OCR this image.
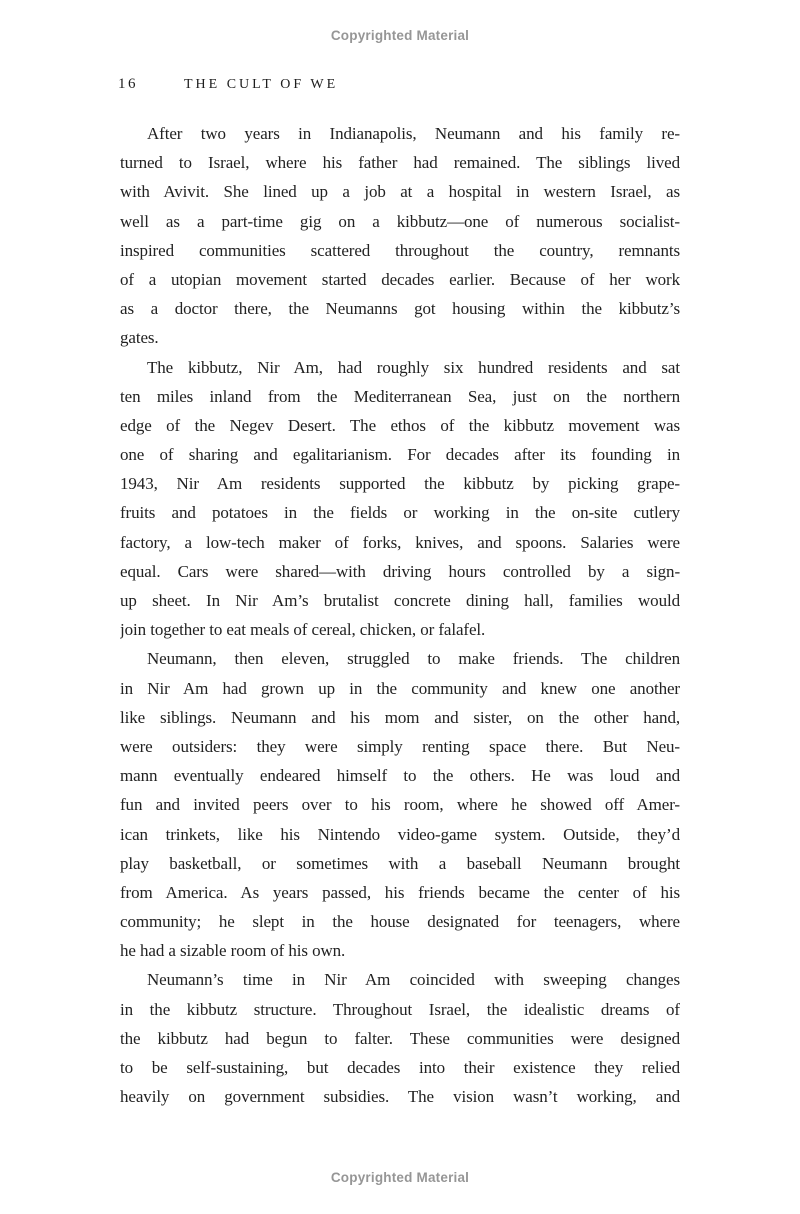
Copyrighted Material
16	THE CULT OF WE
After two years in Indianapolis, Neumann and his family re-
turned to Israel, where his father had remained. The siblings lived
with Avivit. She lined up a job at a hospital in western Israel, as
well as a part-time gig on a kibbutz—one of numerous socialist-
inspired communities scattered throughout the country, remnants
of a utopian movement started decades earlier. Because of her work
as a doctor there, the Neumanns got housing within the kibbutz’s
gates.
The kibbutz, Nir Am, had roughly six hundred residents and sat
ten miles inland from the Mediterranean Sea, just on the northern
edge of the Negev Desert. The ethos of the kibbutz movement was
one of sharing and egalitarianism. For decades after its founding in
1943, Nir Am residents supported the kibbutz by picking grape-
fruits and potatoes in the fields or working in the on-site cutlery
factory, a low-tech maker of forks, knives, and spoons. Salaries were
equal. Cars were shared—with driving hours controlled by a sign-
up sheet. In Nir Am’s brutalist concrete dining hall, families would
join together to eat meals of cereal, chicken, or falafel.
Neumann, then eleven, struggled to make friends. The children
in Nir Am had grown up in the community and knew one another
like siblings. Neumann and his mom and sister, on the other hand,
were outsiders: they were simply renting space there. But Neu-
mann eventually endeared himself to the others. He was loud and
fun and invited peers over to his room, where he showed off Amer-
ican trinkets, like his Nintendo video-game system. Outside, they’d
play basketball, or sometimes with a baseball Neumann brought
from America. As years passed, his friends became the center of his
community; he slept in the house designated for teenagers, where
he had a sizable room of his own.
Neumann’s time in Nir Am coincided with sweeping changes
in the kibbutz structure. Throughout Israel, the idealistic dreams of
the kibbutz had begun to falter. These communities were designed
to be self-sustaining, but decades into their existence they relied
heavily on government subsidies. The vision wasn’t working, and
Copyrighted Material
